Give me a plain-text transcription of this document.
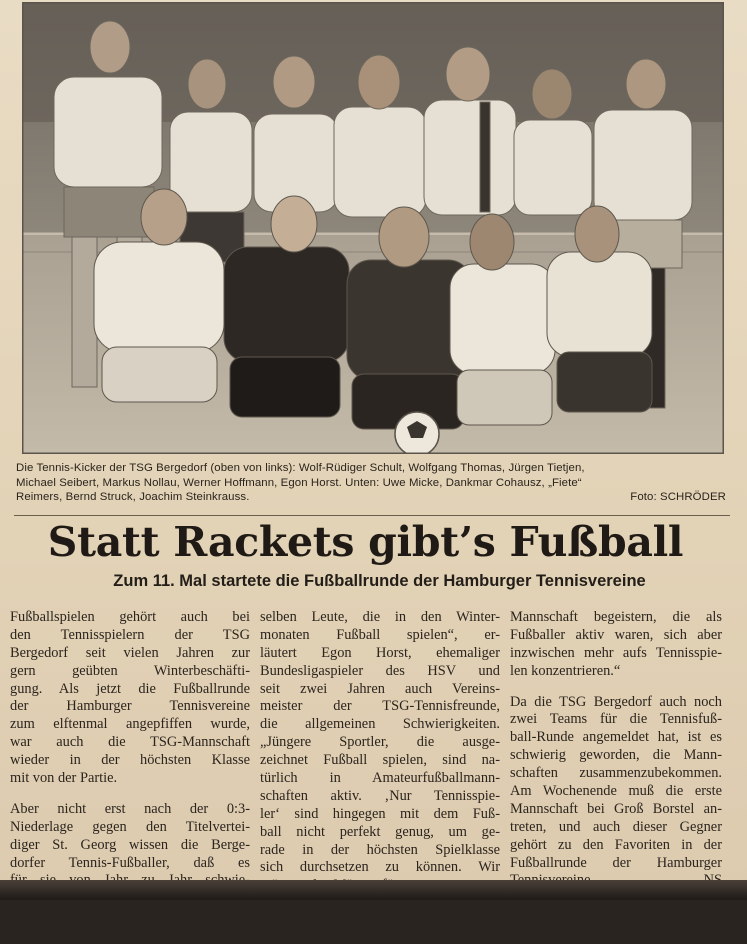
Die Tennis-Kicker der TSG Bergedorf (oben von links): Wolf-Rüdiger Schult, Wolfgang Thomas, Jürgen Tietjen,
Michael Seibert, Markus Nollau, Werner Hoffmann, Egon Horst. Unten: Uwe Micke, Dankmar Cohausz, „Fiete“
Reimers, Bernd Struck, Joachim Steinkrauss.	Foto: SCHRÖDER
Statt Rackets gibt’s Fußball
Zum 11. Mal startete die Fußballrunde der Hamburger Tennisvereine
Fußballspielen gehört auch bei
den Tennisspielern der TSG
Bergedorf seit vielen Jahren zur
gern geübten Winterbeschäfti-
gung. Als jetzt die Fußballrunde
der Hamburger Tennisvereine
zum elftenmal angepfiffen wurde,
war auch die TSG-Mannschaft
wieder in der höchsten Klasse
mit von der Partie.
Aber nicht erst nach der 0:3-
Niederlage gegen den Titelvertei-
diger St. Georg wissen die Berge-
dorfer Tennis-Fußballer, daß es
Klasse zu behaupten.
„Es sind seit Jahren stets die-
selben Leute, die in den Winter-
monaten Fußball spielen“, er-
läutert Egon Horst, ehemaliger
Bundesligaspieler des HSV und
seit zwei Jahren auch Vereins-
meister der TSG-Tennisfreunde,
die allgemeinen Schwierigkeiten.
„Jüngere Sportler, die ausge-
zeichnet Fußball spielen, sind na-
türlich in Amateurfußballmann-
schaften aktiv. ‚Nur Tennisspie-
ler‘ sind hingegen mit dem Fuß-
ball nicht perfekt genug, um ge-
rade in der höchsten Spielklasse
sich durchsetzen zu können. Wir
Mannschaft begeistern, die als
Fußballer aktiv waren, sich aber
inzwischen mehr aufs Tennisspie-
len konzentrieren.“
Da die TSG Bergedorf auch noch
zwei Teams für die Tennisfuß-
ball-Runde angemeldet hat, ist es
schwierig geworden, die Mann-
schaften zusammenzubekommen.
Am Wochenende muß die erste
Mannschaft bei Groß Borstel an-
treten, und auch dieser Gegner
gehört zu den Favoriten in der
Fußballrunde der Hamburger
